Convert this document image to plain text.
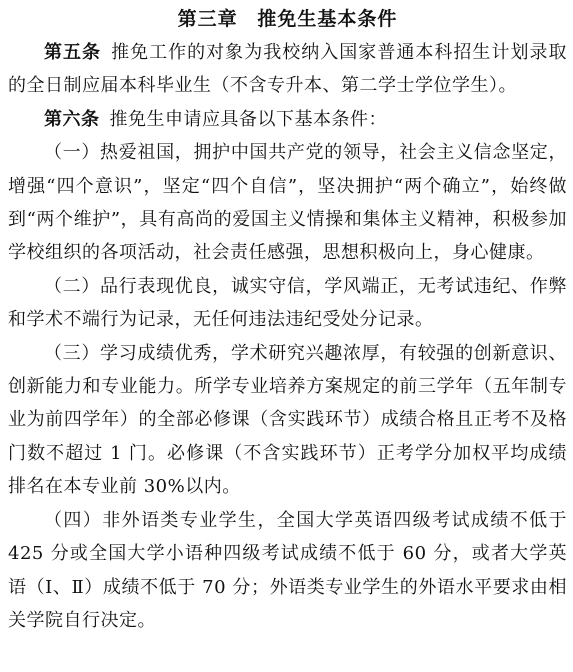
第三章 推免生基本条件

第五条 推免工作的对象为我校纳入国家普通本科招生计划录取的全日制应届本科毕业生（不含专升本、第二学士学位学生）。

第六条 推免生申请应具备以下基本条件：

（一）热爱祖国，拥护中国共产党的领导，社会主义信念坚定，增强“四个意识”，坚定“四个自信”，坚决拥护“两个确立”，始终做到“两个维护”，具有高尚的爱国主义情操和集体主义精神，积极参加学校组织的各项活动，社会责任感强，思想积极向上，身心健康。

（二）品行表现优良，诚实守信，学风端正，无考试违纪、作弊和学术不端行为记录，无任何违法违纪受处分记录。

（三）学习成绩优秀，学术研究兴趣浓厚，有较强的创新意识、创新能力和专业能力。所学专业培养方案规定的前三学年（五年制专业为前四学年）的全部必修课（含实践环节）成绩合格且正考不及格门数不超过 1 门。必修课（不含实践环节）正考学分加权平均成绩排名在本专业前 30%以内。

（四）非外语类专业学生，全国大学英语四级考试成绩不低于 425 分或全国大学小语种四级考试成绩不低于 60 分，或者大学英语（Ⅰ、Ⅱ）成绩不低于 70 分；外语类专业学生的外语水平要求由相关学院自行决定。
